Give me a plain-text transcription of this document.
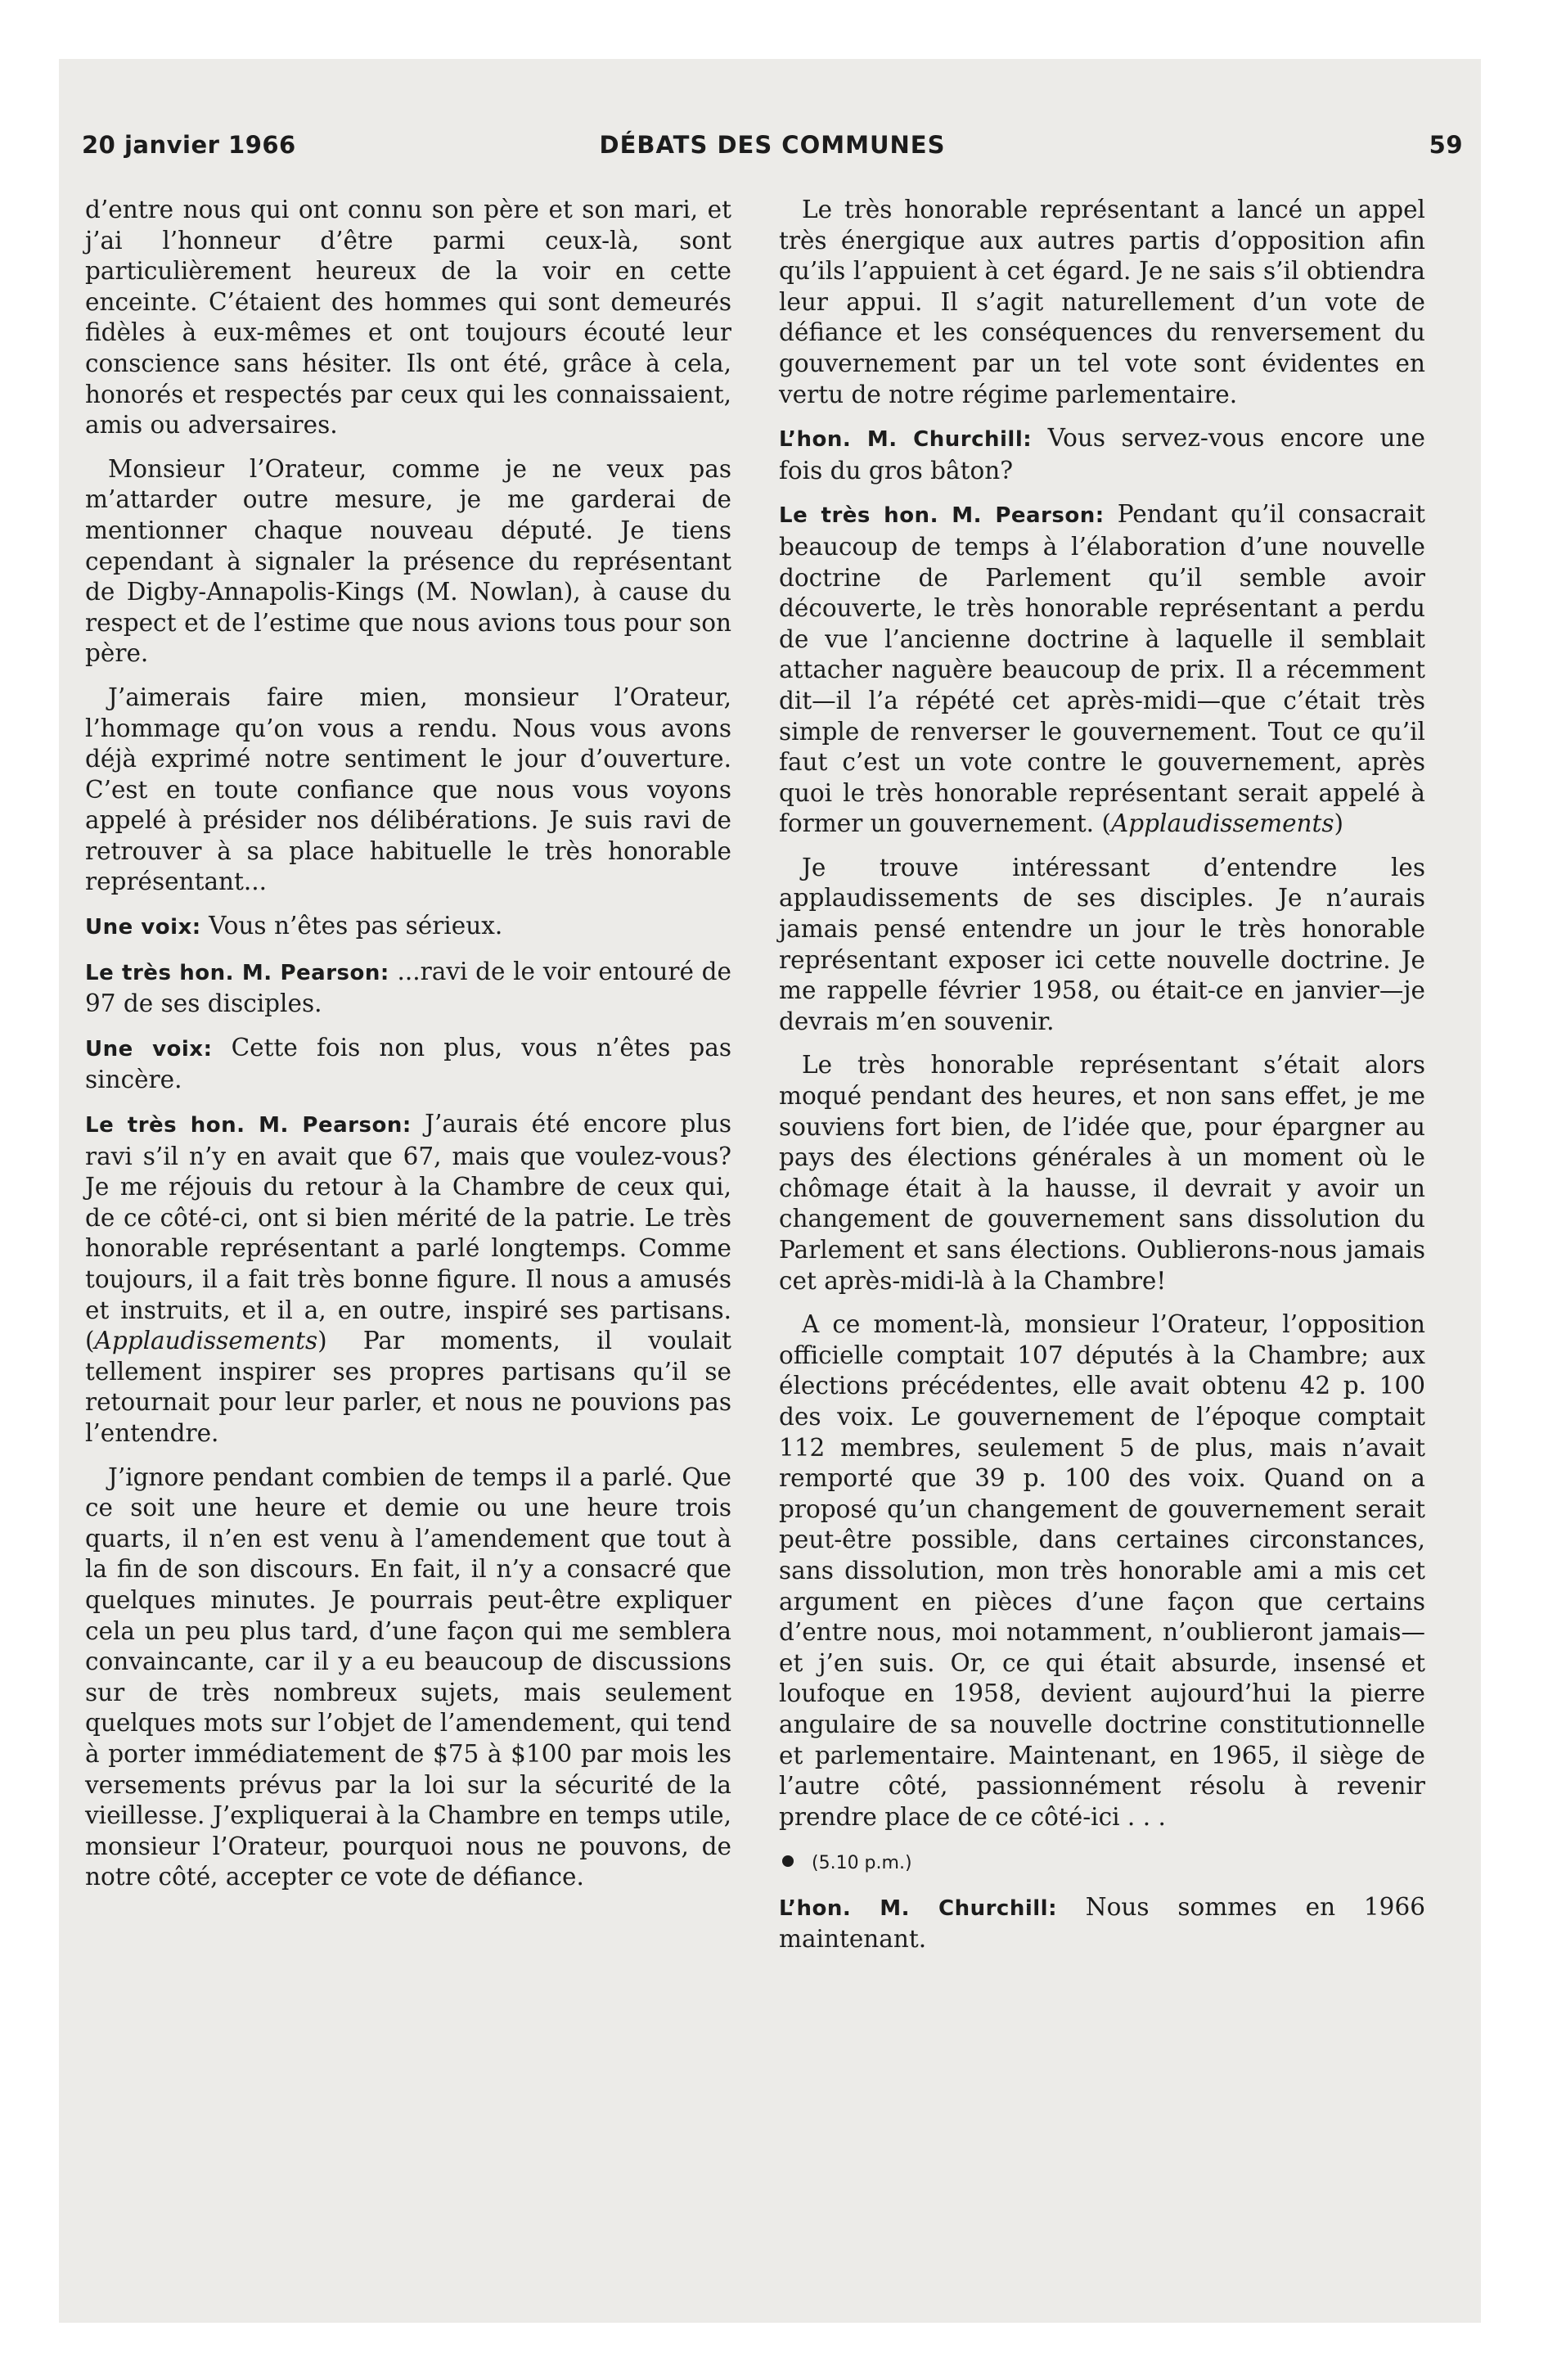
20 janvier 1966	DÉBATS DES COMMUNES	59

d’entre nous qui ont connu son père et son mari, et j’ai l’honneur d’être parmi ceux-là, sont particulièrement heureux de la voir en cette enceinte. C’étaient des hommes qui sont demeurés fidèles à eux-mêmes et ont toujours écouté leur conscience sans hésiter. Ils ont été, grâce à cela, honorés et respectés par ceux qui les connaissaient, amis ou adversaires.

Monsieur l’Orateur, comme je ne veux pas m’attarder outre mesure, je me garderai de mentionner chaque nouveau député. Je tiens cependant à signaler la présence du représentant de Digby-Annapolis-Kings (M. Nowlan), à cause du respect et de l’estime que nous avions tous pour son père.

J’aimerais faire mien, monsieur l’Orateur, l’hommage qu’on vous a rendu. Nous vous avons déjà exprimé notre sentiment le jour d’ouverture. C’est en toute confiance que nous vous voyons appelé à présider nos délibérations. Je suis ravi de retrouver à sa place habituelle le très honorable représentant...

Une voix: Vous n’êtes pas sérieux.

Le très hon. M. Pearson: ...ravi de le voir entouré de 97 de ses disciples.

Une voix: Cette fois non plus, vous n’êtes pas sincère.

Le très hon. M. Pearson: J’aurais été encore plus ravi s’il n’y en avait que 67, mais que voulez-vous? Je me réjouis du retour à la Chambre de ceux qui, de ce côté-ci, ont si bien mérité de la patrie. Le très honorable représentant a parlé longtemps. Comme toujours, il a fait très bonne figure. Il nous a amusés et instruits, et il a, en outre, inspiré ses partisans. (Applaudissements) Par moments, il voulait tellement inspirer ses propres partisans qu’il se retournait pour leur parler, et nous ne pouvions pas l’entendre.

J’ignore pendant combien de temps il a parlé. Que ce soit une heure et demie ou une heure trois quarts, il n’en est venu à l’amendement que tout à la fin de son discours. En fait, il n’y a consacré que quelques minutes. Je pourrais peut-être expliquer cela un peu plus tard, d’une façon qui me semblera convaincante, car il y a eu beaucoup de discussions sur de très nombreux sujets, mais seulement quelques mots sur l’objet de l’amendement, qui tend à porter immédiatement de $75 à $100 par mois les versements prévus par la loi sur la sécurité de la vieillesse. J’expliquerai à la Chambre en temps utile, monsieur l’Orateur, pourquoi nous ne pouvons, de notre côté, accepter ce vote de défiance.

Le très honorable représentant a lancé un appel très énergique aux autres partis d’opposition afin qu’ils l’appuient à cet égard. Je ne sais s’il obtiendra leur appui. Il s’agit naturellement d’un vote de défiance et les conséquences du renversement du gouvernement par un tel vote sont évidentes en vertu de notre régime parlementaire.

L’hon. M. Churchill: Vous servez-vous encore une fois du gros bâton?

Le très hon. M. Pearson: Pendant qu’il consacrait beaucoup de temps à l’élaboration d’une nouvelle doctrine de Parlement qu’il semble avoir découverte, le très honorable représentant a perdu de vue l’ancienne doctrine à laquelle il semblait attacher naguère beaucoup de prix. Il a récemment dit—il l’a répété cet après-midi—que c’était très simple de renverser le gouvernement. Tout ce qu’il faut c’est un vote contre le gouvernement, après quoi le très honorable représentant serait appelé à former un gouvernement. (Applaudissements)

Je trouve intéressant d’entendre les applaudissements de ses disciples. Je n’aurais jamais pensé entendre un jour le très honorable représentant exposer ici cette nouvelle doctrine. Je me rappelle février 1958, ou était-ce en janvier—je devrais m’en souvenir.

Le très honorable représentant s’était alors moqué pendant des heures, et non sans effet, je me souviens fort bien, de l’idée que, pour épargner au pays des élections générales à un moment où le chômage était à la hausse, il devrait y avoir un changement de gouvernement sans dissolution du Parlement et sans élections. Oublierons-nous jamais cet après-midi-là à la Chambre!

A ce moment-là, monsieur l’Orateur, l’opposition officielle comptait 107 députés à la Chambre; aux élections précédentes, elle avait obtenu 42 p. 100 des voix. Le gouvernement de l’époque comptait 112 membres, seulement 5 de plus, mais n’avait remporté que 39 p. 100 des voix. Quand on a proposé qu’un changement de gouvernement serait peut-être possible, dans certaines circonstances, sans dissolution, mon très honorable ami a mis cet argument en pièces d’une façon que certains d’entre nous, moi notamment, n’oublieront jamais—et j’en suis. Or, ce qui était absurde, insensé et loufoque en 1958, devient aujourd’hui la pierre angulaire de sa nouvelle doctrine constitutionnelle et parlementaire. Maintenant, en 1965, il siège de l’autre côté, passionnément résolu à revenir prendre place de ce côté-ici . . .

(5.10 p.m.)

L’hon. M. Churchill: Nous sommes en 1966 maintenant.
